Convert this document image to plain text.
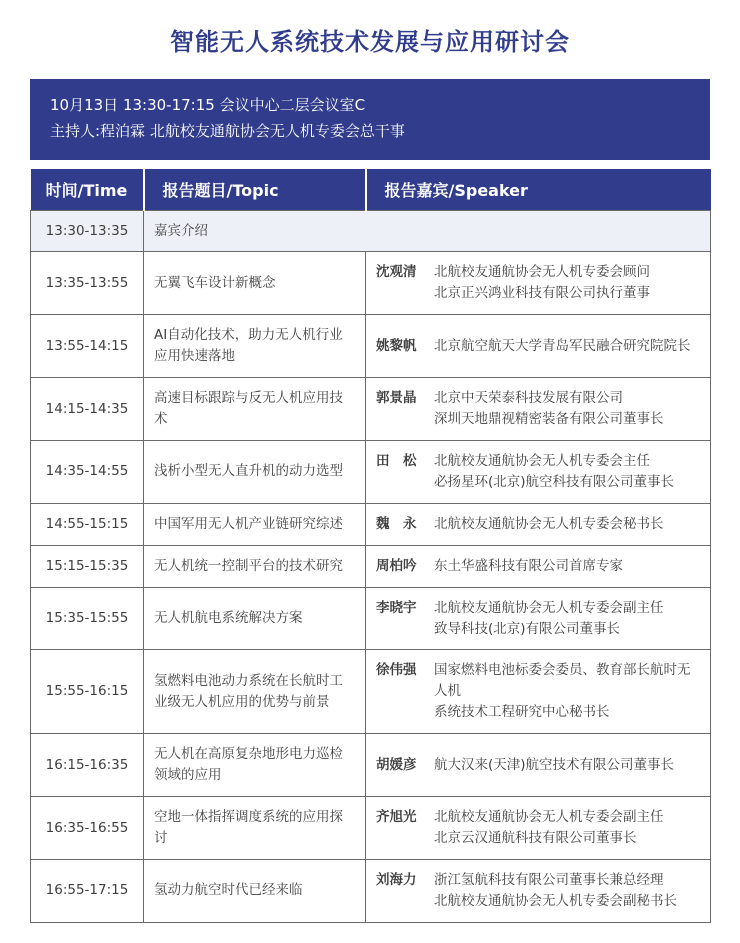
智能无人系统技术发展与应用研讨会
10月13日 13:30-17:15 会议中心二层会议室C
主持人:程泊霖 北航校友通航协会无人机专委会总干事
时间/Time	报告题目/Topic	报告嘉宾/Speaker
13:30-13:35	嘉宾介绍	
13:35-13:55	无翼飞车设计新概念	沈观清 北航校友通航协会无人机专委会顾问
北京正兴鸿业科技有限公司执行董事

13:55-14:15	AI自动化技术，助力无人机行业应用快速落地	姚黎帆 北京航空航天大学青岛军民融合研究院院长

14:15-14:35	高速目标跟踪与反无人机应用技术	郭景晶 北京中天荣泰科技发展有限公司
深圳天地鼎视精密装备有限公司董事长

14:35-14:55	浅析小型无人直升机的动力选型	田　松 北航校友通航协会无人机专委会主任
必扬星环(北京)航空科技有限公司董事长

14:55-15:15	中国军用无人机产业链研究综述	魏　永 北航校友通航协会无人机专委会秘书长

15:15-15:35	无人机统一控制平台的技术研究	周柏吟 东土华盛科技有限公司首席专家

15:35-15:55	无人机航电系统解决方案	李晓宇 北航校友通航协会无人机专委会副主任
致导科技(北京)有限公司董事长

15:55-16:15	氢燃料电池动力系统在长航时工业级无人机应用的优势与前景	徐伟强 国家燃料电池标委会委员、教育部长航时无人机
系统技术工程研究中心秘书长

16:15-16:35	无人机在高原复杂地形电力巡检领域的应用	胡媛彦 航大汉来(天津)航空技术有限公司董事长

16:35-16:55	空地一体指挥调度系统的应用探讨	齐旭光 北航校友通航协会无人机专委会副主任
北京云汉通航科技有限公司董事长

16:55-17:15	氢动力航空时代已经来临	刘海力 浙江氢航科技有限公司董事长兼总经理
北航校友通航协会无人机专委会副秘书长
